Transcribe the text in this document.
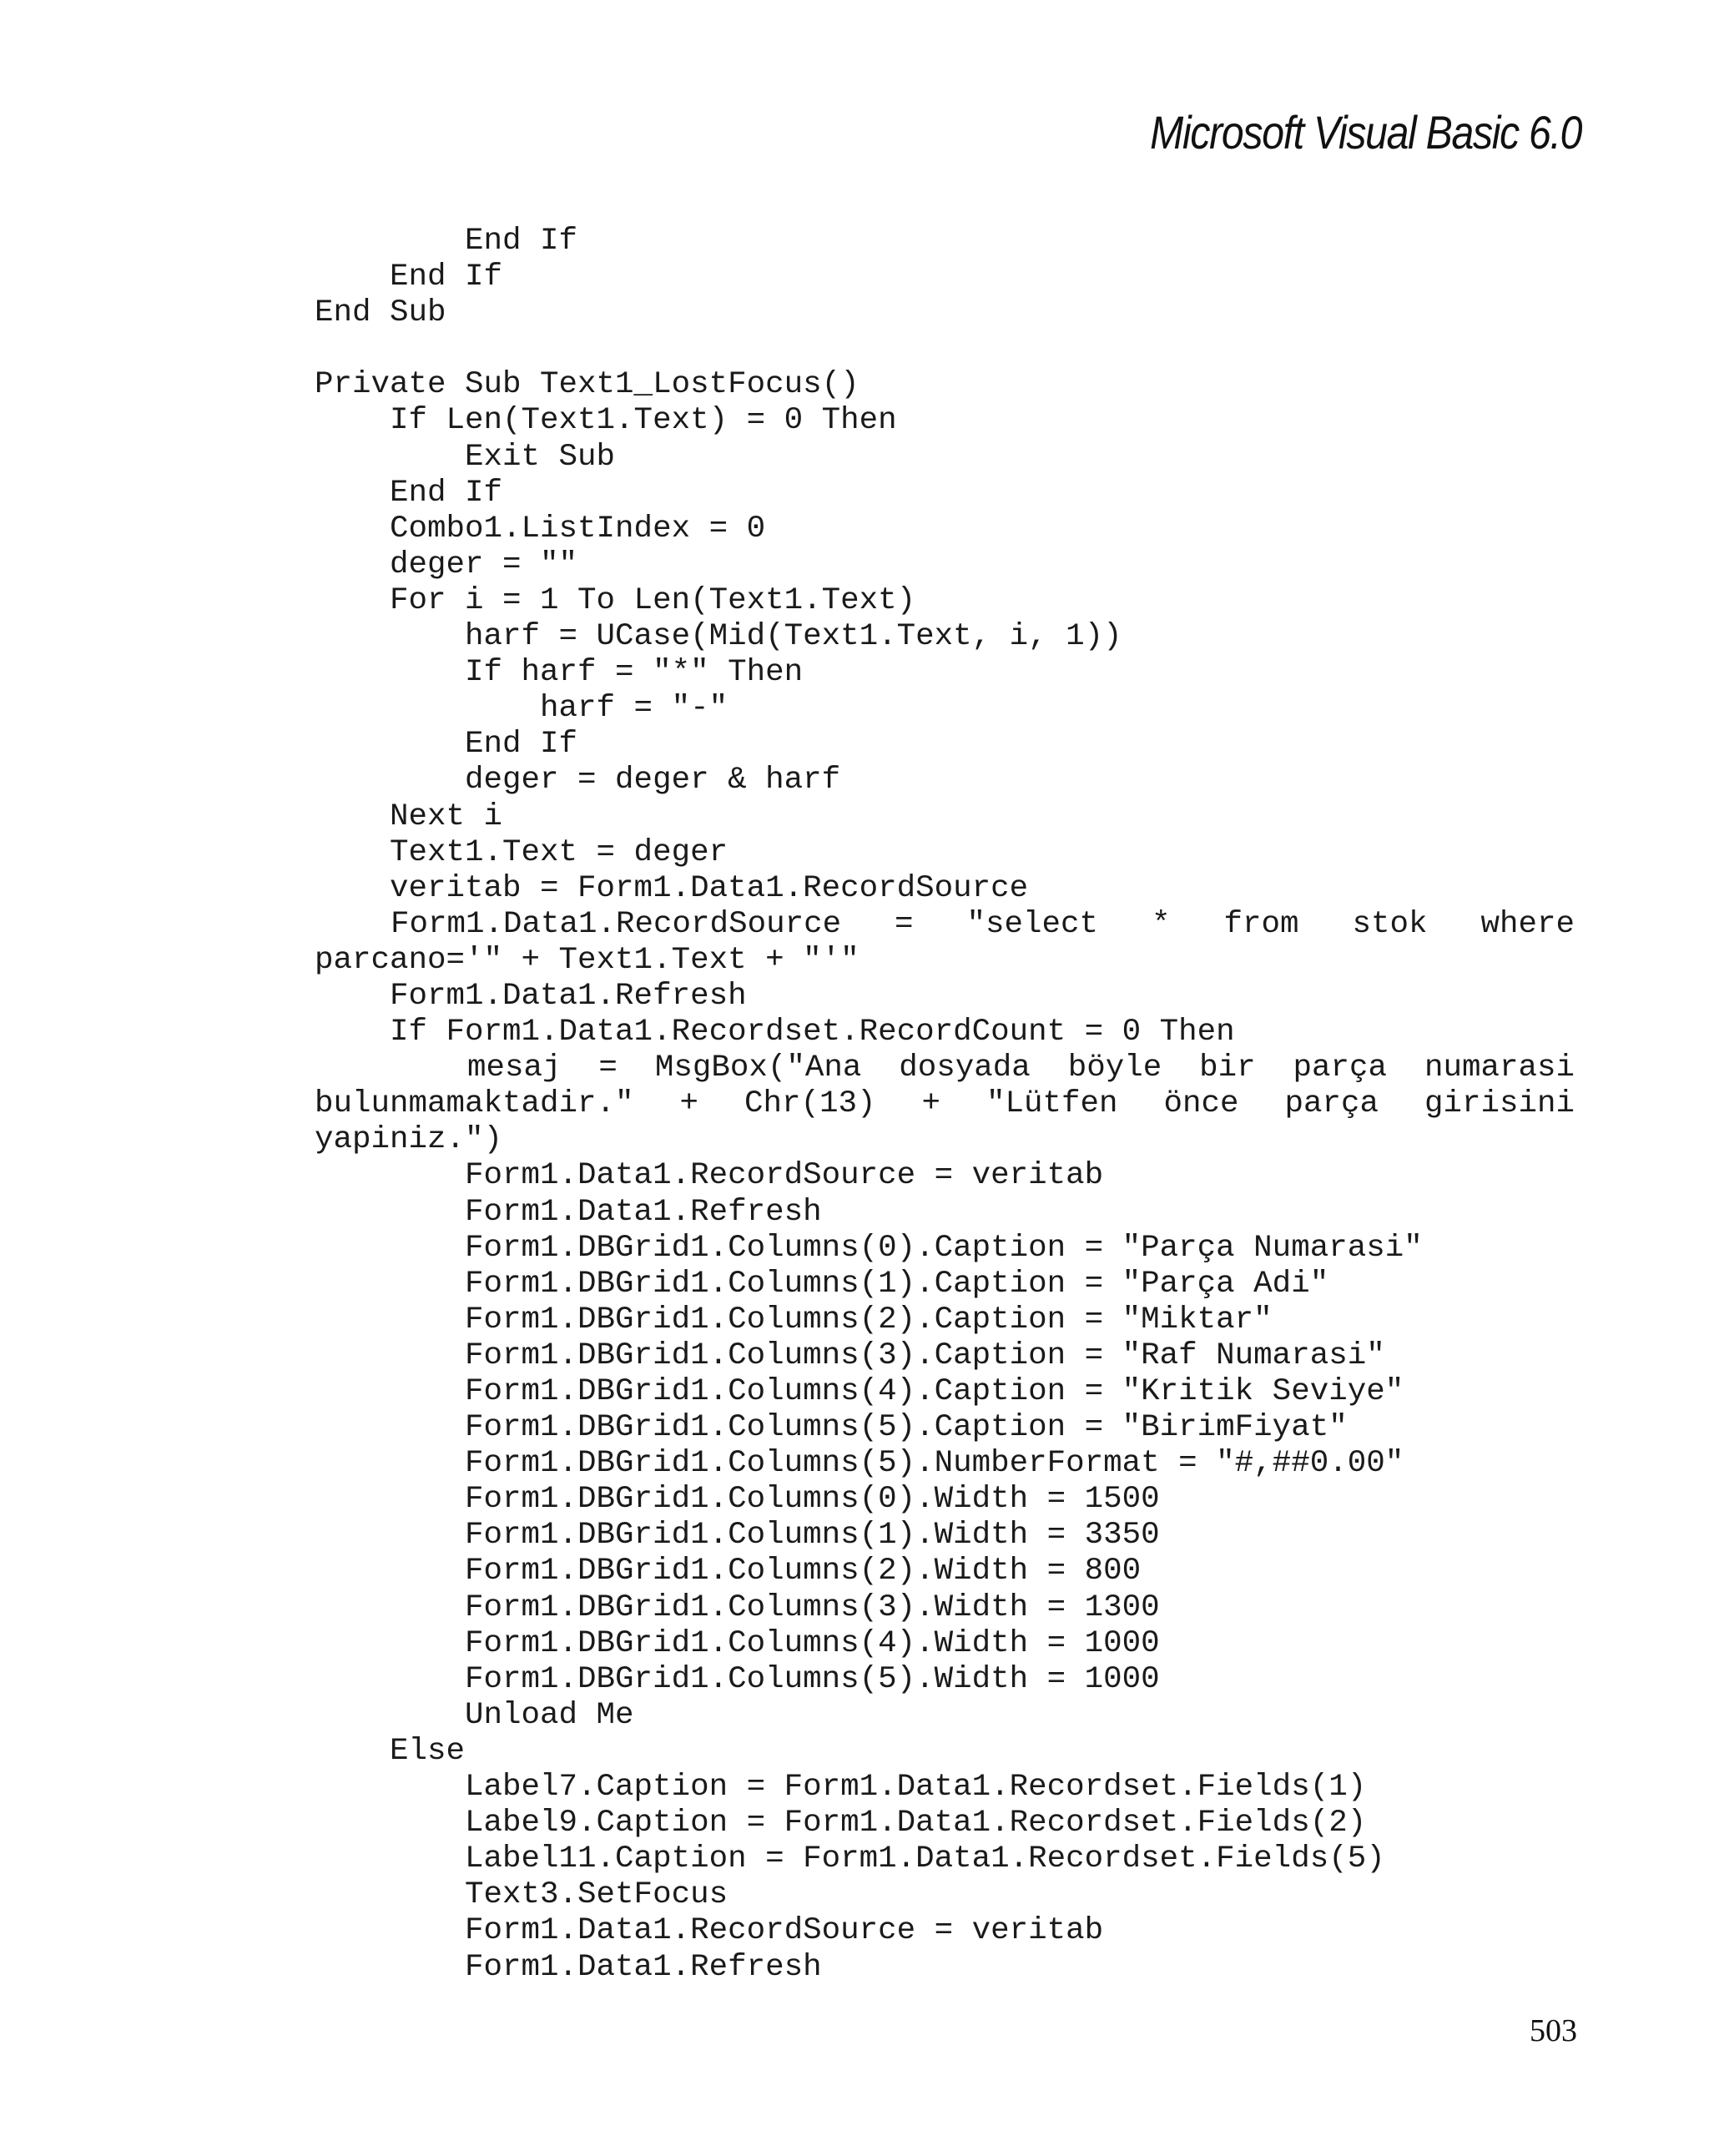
Microsoft Visual Basic 6.0
End If
End If
End Sub
Private Sub Text1_LostFocus()
If Len(Text1.Text) = 0 Then
Exit Sub
End If
Combo1.ListIndex = 0
deger = ""
For i = 1 To Len(Text1.Text)
harf = UCase(Mid(Text1.Text, i, 1))
If harf = "*" Then
harf = "-"
End If
deger = deger & harf
Next i
Text1.Text = deger
veritab = Form1.Data1.RecordSource
Form1.Data1.RecordSource = "select * from stok where
parcano='" + Text1.Text + "'"
Form1.Data1.Refresh
If Form1.Data1.Recordset.RecordCount = 0 Then
mesaj = MsgBox("Ana dosyada böyle bir parça numarasi
bulunmamaktadir." + Chr(13) + "Lütfen önce parça girisini
yapiniz.")
Form1.Data1.RecordSource = veritab
Form1.Data1.Refresh
Form1.DBGrid1.Columns(0).Caption = "Parça Numarasi"
Form1.DBGrid1.Columns(1).Caption = "Parça Adi"
Form1.DBGrid1.Columns(2).Caption = "Miktar"
Form1.DBGrid1.Columns(3).Caption = "Raf Numarasi"
Form1.DBGrid1.Columns(4).Caption = "Kritik Seviye"
Form1.DBGrid1.Columns(5).Caption = "BirimFiyat"
Form1.DBGrid1.Columns(5).NumberFormat = "#,##0.00"
Form1.DBGrid1.Columns(0).Width = 1500
Form1.DBGrid1.Columns(1).Width = 3350
Form1.DBGrid1.Columns(2).Width = 800
Form1.DBGrid1.Columns(3).Width = 1300
Form1.DBGrid1.Columns(4).Width = 1000
Form1.DBGrid1.Columns(5).Width = 1000
Unload Me
Else
Label7.Caption = Form1.Data1.Recordset.Fields(1)
Label9.Caption = Form1.Data1.Recordset.Fields(2)
Label11.Caption = Form1.Data1.Recordset.Fields(5)
Text3.SetFocus
Form1.Data1.RecordSource = veritab
Form1.Data1.Refresh
503
